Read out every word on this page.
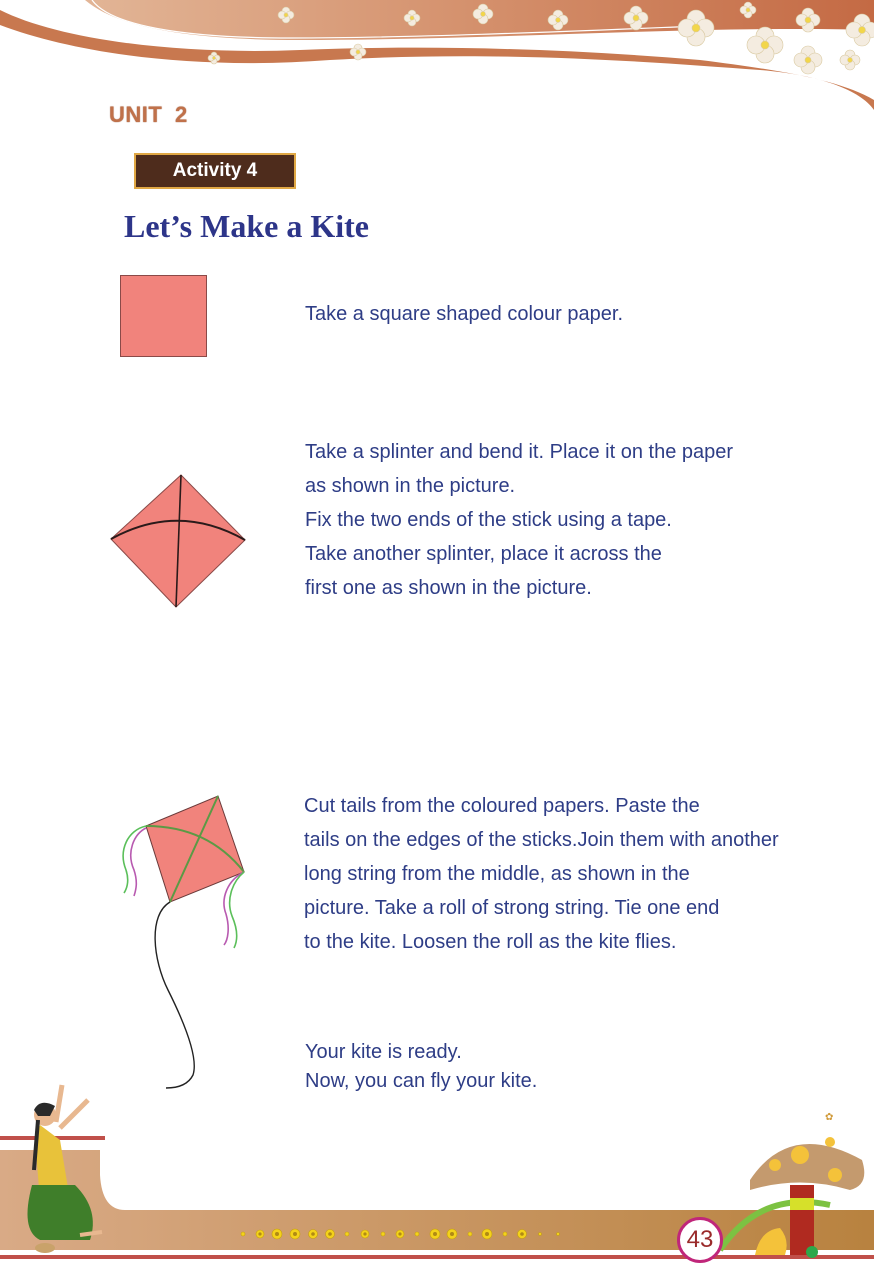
UNIT 2
Activity 4
Let’s Make a Kite
Take a square shaped colour paper.
Take a splinter and bend it. Place it on the paper
as shown in the picture.
Fix the two ends of the stick using a tape.
Take another splinter, place it across the
first one as shown in the picture.
Cut tails from the coloured papers. Paste the
tails on the edges of the sticks.Join them with another
long string from the middle, as shown in the
picture. Take a roll of strong string. Tie one end
to the kite. Loosen the roll as the kite flies.
Your kite is ready.
Now, you can fly your kite.
✿
43
